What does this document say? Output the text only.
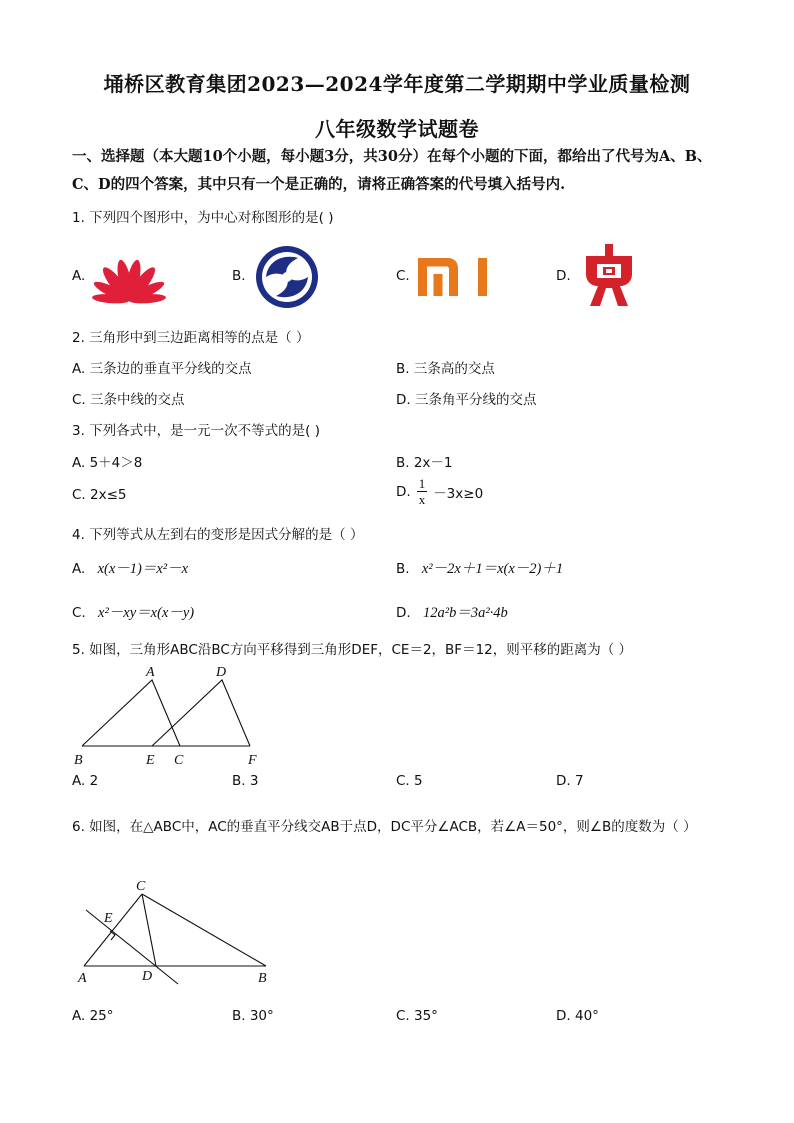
埇桥区教育集团2023—2024学年度第二学期期中学业质量检测
八年级数学试题卷
一、选择题（本大题10个小题，每小题3分，共30分）在每个小题的下面，都给出了代号为A、B、C、D的四个答案，其中只有一个是正确的，请将正确答案的代号填入括号内.
1. 下列四个图形中，为中心对称图形的是( )
A.	B.	C.	D.
2. 三角形中到三边距离相等的点是（ ）
A. 三条边的垂直平分线的交点	B. 三条高的交点
C. 三条中线的交点	D. 三条角平分线的交点
3. 下列各式中，是一元一次不等式的是( )
A. 5＋4＞8	B. 2x－1
C. 2x≤5	D. $\frac{1}{x} -3x\ge 0$
4. 下列等式从左到右的变形是因式分解的是（ ）
A. x(x－1)＝x²－x	B. x²－2x＋1＝x(x－2)＋1
C. x²－xy＝x(x－y)	D. 12a²b＝3a²·4b
5. 如图，三角形ABC沿BC方向平移得到三角形DEF，CE＝2，BF＝12，则平移的距离为（ ）
A	D
B	E C	F
A. 2	B. 3	C. 5	D. 7
6. 如图，在△ABC中，AC的垂直平分线交AB于点D，DC平分∠ACB，若∠A＝50°，则∠B的度数为（ ）
C
E
A	D	B
A. 25°	B. 30°	C. 35°	D. 40°
